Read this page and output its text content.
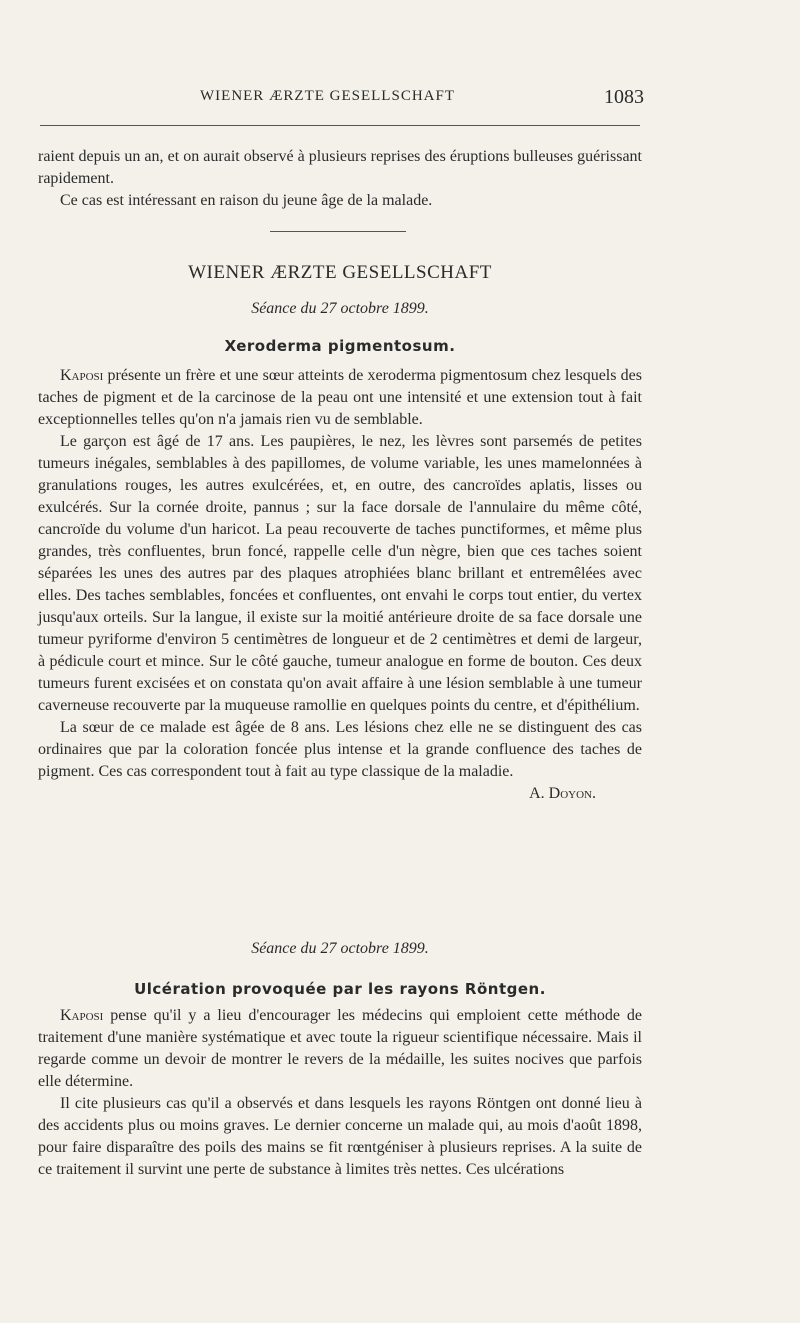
WIENER ÆRZTE GESELLSCHAFT	1083

raient depuis un an, et on aurait observé à plusieurs reprises des éruptions bulleuses guérissant rapidement.

Ce cas est intéressant en raison du jeune âge de la malade.

WIENER ÆRZTE GESELLSCHAFT
Séance du 27 octobre 1899.
Xeroderma pigmentosum.

Kaposi présente un frère et une sœur atteints de xeroderma pigmentosum chez lesquels des taches de pigment et de la carcinose de la peau ont une intensité et une extension tout à fait exceptionnelles telles qu'on n'a jamais rien vu de semblable.

Le garçon est âgé de 17 ans. Les paupières, le nez, les lèvres sont parsemés de petites tumeurs inégales, semblables à des papillomes, de volume variable, les unes mamelonnées à granulations rouges, les autres exulcérées, et, en outre, des cancroïdes aplatis, lisses ou exulcérés. Sur la cornée droite, pannus ; sur la face dorsale de l'annulaire du même côté, cancroïde du volume d'un haricot. La peau recouverte de taches punctiformes, et même plus grandes, très confluentes, brun foncé, rappelle celle d'un nègre, bien que ces taches soient séparées les unes des autres par des plaques atrophiées blanc brillant et entremêlées avec elles. Des taches semblables, foncées et confluentes, ont envahi le corps tout entier, du vertex jusqu'aux orteils. Sur la langue, il existe sur la moitié antérieure droite de sa face dorsale une tumeur pyriforme d'environ 5 centimètres de longueur et de 2 centimètres et demi de largeur, à pédicule court et mince. Sur le côté gauche, tumeur analogue en forme de bouton. Ces deux tumeurs furent excisées et on constata qu'on avait affaire à une lésion semblable à une tumeur caverneuse recouverte par la muqueuse ramollie en quelques points du centre, et d'épithélium.

La sœur de ce malade est âgée de 8 ans. Les lésions chez elle ne se distinguent des cas ordinaires que par la coloration foncée plus intense et la grande confluence des taches de pigment. Ces cas correspondent tout à fait au type classique de la maladie.
A. Doyon.

Séance du 27 octobre 1899.
Ulcération provoquée par les rayons Röntgen.

Kaposi pense qu'il y a lieu d'encourager les médecins qui emploient cette méthode de traitement d'une manière systématique et avec toute la rigueur scientifique nécessaire. Mais il regarde comme un devoir de montrer le revers de la médaille, les suites nocives que parfois elle détermine.

Il cite plusieurs cas qu'il a observés et dans lesquels les rayons Röntgen ont donné lieu à des accidents plus ou moins graves. Le dernier concerne un malade qui, au mois d'août 1898, pour faire disparaître des poils des mains se fit rœntgéniser à plusieurs reprises. A la suite de ce traitement il survint une perte de substance à limites très nettes. Ces ulcérations
